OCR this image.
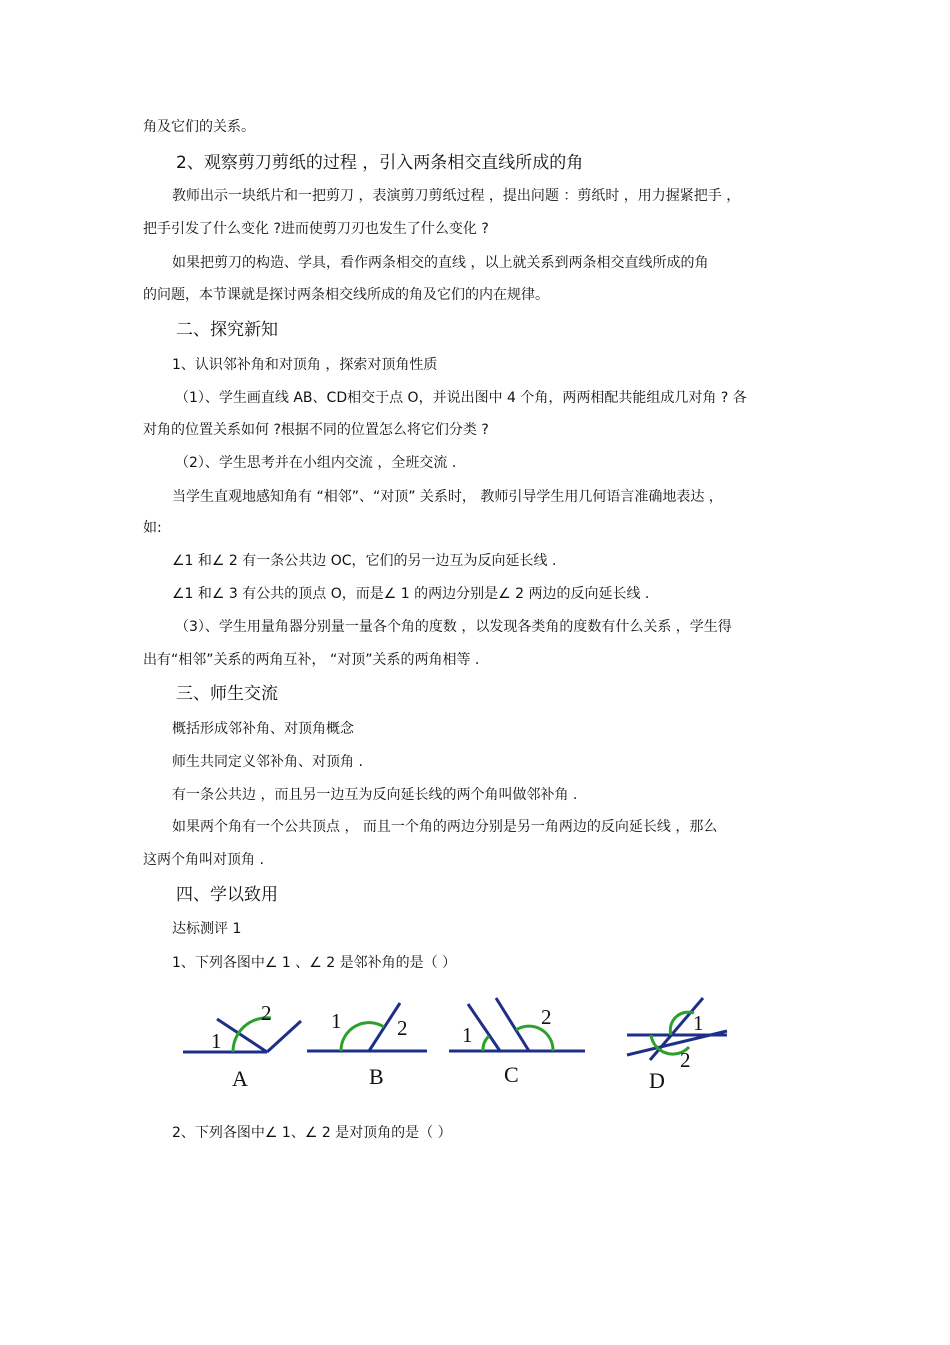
角及它们的关系。
2、观察剪刀剪纸的过程 ，引入两条相交直线所成的角
教师出示一块纸片和一把剪刀 ，表演剪刀剪纸过程 ，提出问题 ：剪纸时 ，用力握紧把手 ，
把手引发了什么变化 ?进而使剪刀刃也发生了什么变化 ?
如果把剪刀的构造、学具，看作两条相交的直线 ，以上就关系到两条相交直线所成的角
的问题，本节课就是探讨两条相交线所成的角及它们的内在规律。
二、探究新知
1、认识邻补角和对顶角 ，探索对顶角性质
（1）、学生画直线 AB、CD相交于点 O，并说出图中 4 个角，两两相配共能组成几对角 ? 各
对角的位置关系如何 ?根据不同的位置怎么将它们分类 ?
（2）、学生思考并在小组内交流 ，全班交流 .
当学生直观地感知角有 “相邻”、“对顶” 关系时， 教师引导学生用几何语言准确地表达 ，
如:
∠1 和∠ 2 有一条公共边 OC，它们的另一边互为反向延长线 .
∠1 和∠ 3 有公共的顶点 O，而是∠ 1 的两边分别是∠ 2 两边的反向延长线 .
（3）、学生用量角器分别量一量各个角的度数 ，以发现各类角的度数有什么关系 ，学生得
出有“相邻”关系的两角互补， “对顶”关系的两角相等 .
三、师生交流
概括形成邻补角、对顶角概念
师生共同定义邻补角、对顶角 .
有一条公共边 ，而且另一边互为反向延长线的两个角叫做邻补角 .
如果两个角有一个公共顶点 ， 而且一个角的两边分别是另一角两边的反向延长线 ，那么
这两个角叫对顶角 .
四、学以致用
达标测评 1
1、下列各图中∠ 1 、∠ 2 是邻补角的是（ ）
1
2
A
1	2
B
1
2
C
1
2
D
2、下列各图中∠ 1、∠ 2 是对顶角的是（ ）
